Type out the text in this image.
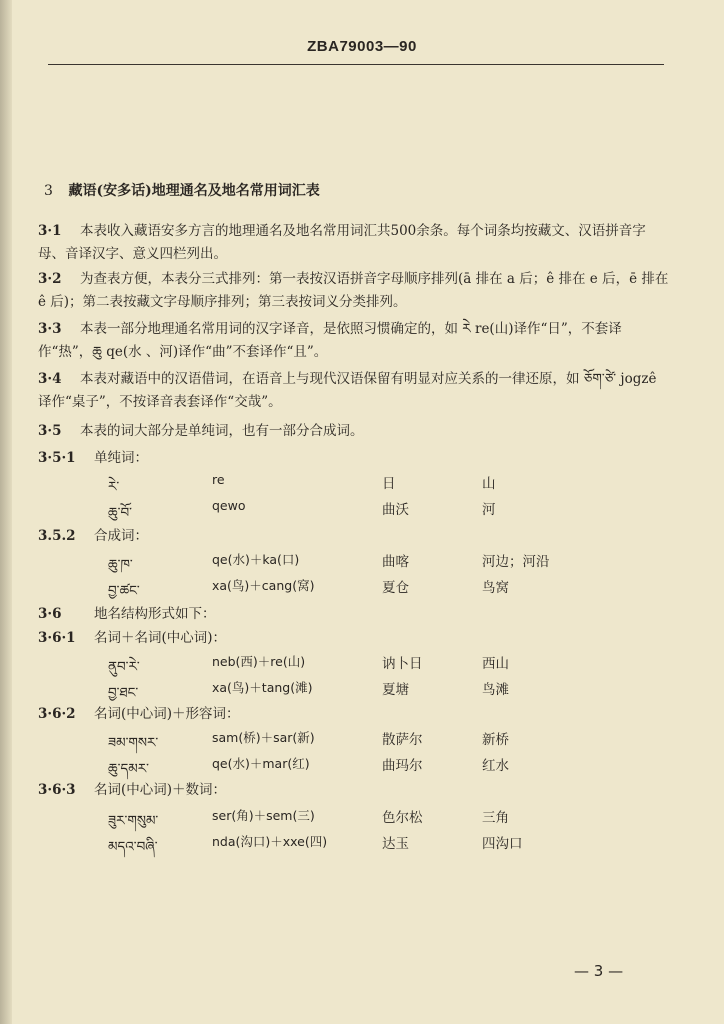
ZBA79003—90
3 藏语(安多话)地理通名及地名常用词汇表

3·1 本表收入藏语安多方言的地理通名及地名常用词汇共500余条。每个词条均按藏文、汉语拼音字母、音译汉字、意义四栏列出。

3·2 为查表方便，本表分三式排列：第一表按汉语拼音字母顺序排列(ā 排在 a 后；ê 排在 e 后，ē 排在 ê 后)；第二表按藏文字母顺序排列；第三表按词义分类排列。

3·3 本表一部分地理通名常用词的汉字译音，是依照习惯确定的，如 རེ re(山)译作“日”，不套译作“热”，ཆུ qe(水 、河)译作“曲”不套译作“且”。

3·4 本表对藏语中的汉语借词，在语音上与现代汉语保留有明显对应关系的一律还原，如 ཅོག་ཙེ་ jogzê 译作“桌子”，不按译音表套译作“交哉”。

3·5 本表的词大部分是单纯词，也有一部分合成词。

3·5·1 单纯词：
རེ་	re	日	山
ཆུ་བོ་	qewo	曲沃	河
3.5.2 合成词：
ཆུ་ཁ་	qe(水)＋ka(口)	曲喀	河边；河沿
བྱ་ཚང་	xa(鸟)＋cang(窝)	夏仓	鸟窝
3·6 地名结构形式如下：
3·6·1 名词＋名词(中心词)：
ནུབ་རེ་	neb(西)＋re(山)	讷卜日	西山
བྱ་ཐང་	xa(鸟)＋tang(滩)	夏塘	鸟滩
3·6·2 名词(中心词)＋形容词：
ཟམ་གསར་	sam(桥)＋sar(新)	散萨尔	新桥
ཆུ་དམར་	qe(水)＋mar(红)	曲玛尔	红水
3·6·3 名词(中心词)＋数词：
ཟུར་གསུམ་	ser(角)＋sem(三)	色尔松	三角
མདའ་བཞི་	nda(沟口)＋xxe(四)	达玉	四沟口
— 3 —
